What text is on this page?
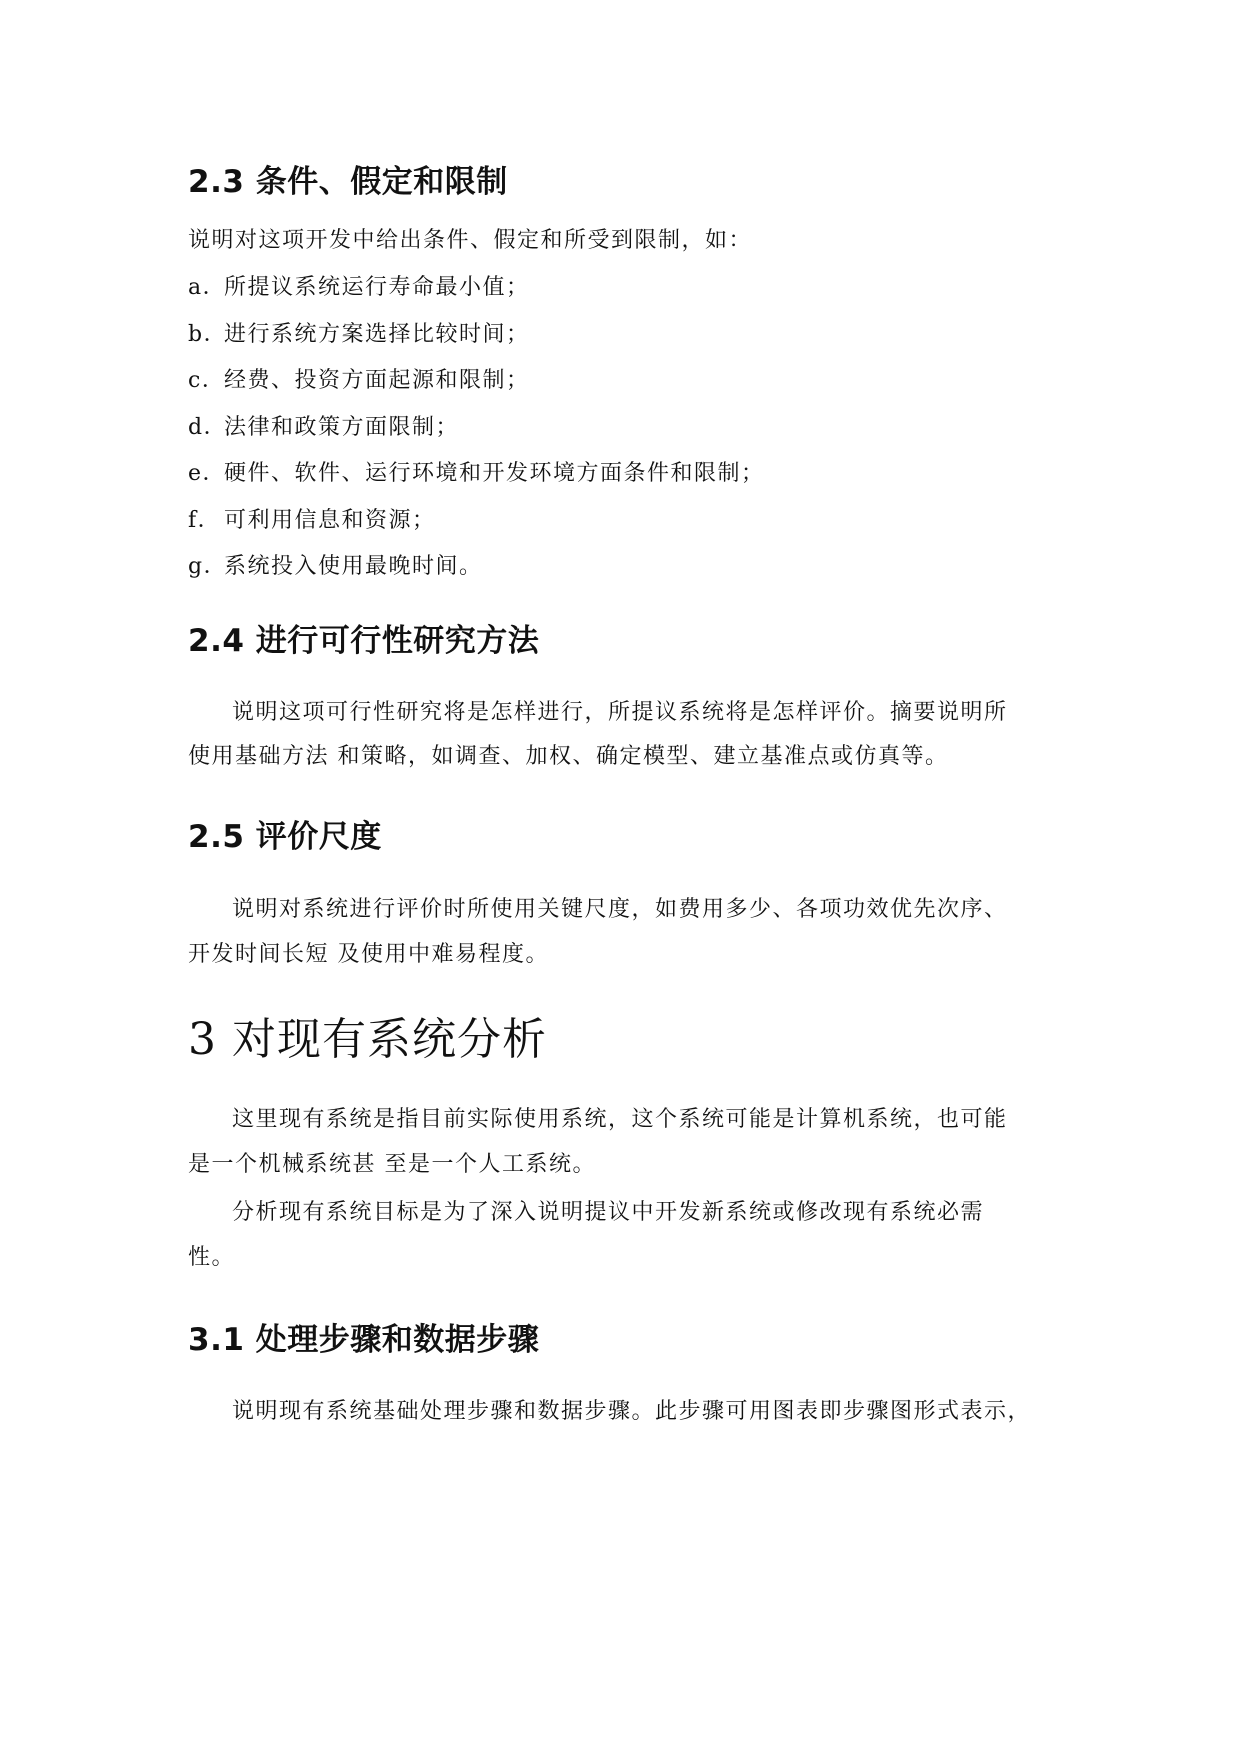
2.3 条件、假定和限制

说明对这项开发中给出条件、假定和所受到限制，如：

a．所提议系统运行寿命最小值；
b．进行系统方案选择比较时间；
c．经费、投资方面起源和限制；
d．法律和政策方面限制；
e．硬件、软件、运行环境和开发环境方面条件和限制；
f． 可利用信息和资源；
g．系统投入使用最晚时间。
2.4 进行可行性研究方法

说明这项可行性研究将是怎样进行，所提议系统将是怎样评价。摘要说明所

使用基础方法 和策略，如调查、加权、确定模型、建立基准点或仿真等。

2.5 评价尺度

说明对系统进行评价时所使用关键尺度，如费用多少、各项功效优先次序、

开发时间长短 及使用中难易程度。

3 对现有系统分析

这里现有系统是指目前实际使用系统，这个系统可能是计算机系统，也可能

是一个机械系统甚 至是一个人工系统。

分析现有系统目标是为了深入说明提议中开发新系统或修改现有系统必需

性。

3.1 处理步骤和数据步骤

说明现有系统基础处理步骤和数据步骤。此步骤可用图表即步骤图形式表示，
